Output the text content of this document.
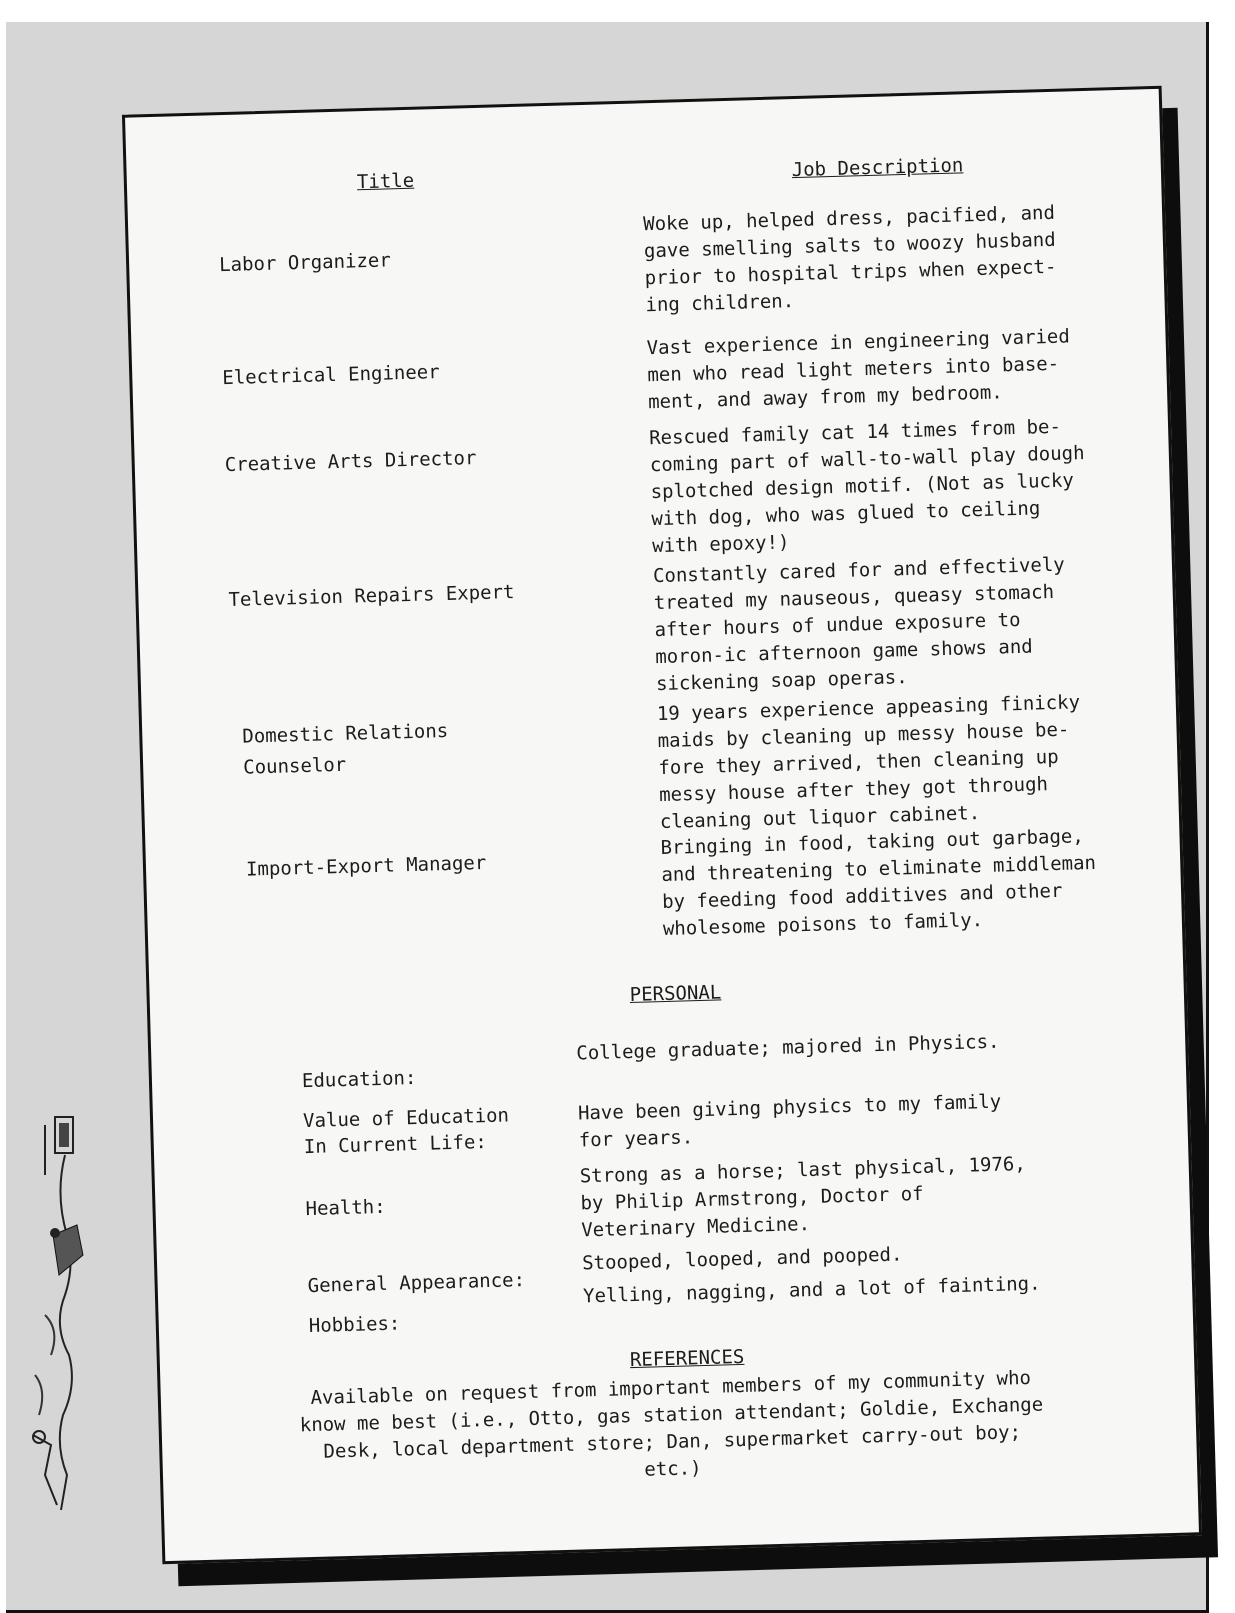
Title
Job Description
Labor Organizer
Woke up, helped dress, pacified, and gave smelling salts to woozy husband prior to hospital trips when expect-ing children.
Electrical Engineer
Vast experience in engineering varied men who read light meters into base-ment, and away from my bedroom.
Creative Arts Director
Rescued family cat 14 times from be-coming part of wall-to-wall play dough splotched design motif. (Not as lucky with dog, who was glued to ceiling with epoxy!)
Television Repairs Expert
Constantly cared for and effectively treated my nauseous, queasy stomach after hours of undue exposure to moron-ic afternoon game shows and sickening soap operas.
Domestic Relations Counselor
19 years experience appeasing finicky maids by cleaning up messy house be-fore they arrived, then cleaning up messy house after they got through cleaning out liquor cabinet.
Import-Export Manager
Bringing in food, taking out garbage, and threatening to eliminate middleman by feeding food additives and other wholesome poisons to family.
PERSONAL
Education:
College graduate; majored in Physics.
Value of Education In Current Life:
Have been giving physics to my family for years.
Health:
Strong as a horse; last physical, 1976, by Philip Armstrong, Doctor of Veterinary Medicine.
General Appearance:
Stooped, looped, and pooped.
Hobbies:
Yelling, nagging, and a lot of fainting.
REFERENCES
Available on request from important members of my community who know me best (i.e., Otto, gas station attendant; Goldie, Exchange Desk, local department store; Dan, supermarket carry-out boy; etc.)
